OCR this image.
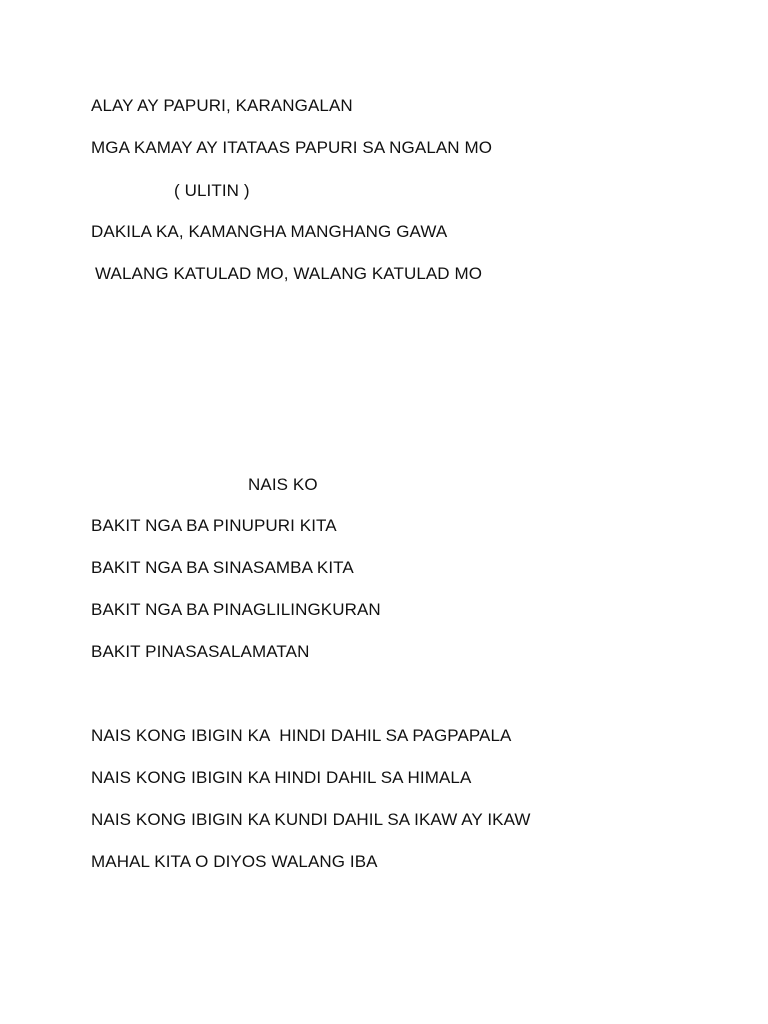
ALAY AY PAPURI, KARANGALAN
MGA KAMAY AY ITATAAS PAPURI SA NGALAN MO
( ULITIN )
DAKILA KA, KAMANGHA MANGHANG GAWA
WALANG KATULAD MO, WALANG KATULAD MO
NAIS KO
BAKIT NGA BA PINUPURI KITA
BAKIT NGA BA SINASAMBA KITA
BAKIT NGA BA PINAGLILINGKURAN
BAKIT PINASASALAMATAN
NAIS KONG IBIGIN KA  HINDI DAHIL SA PAGPAPALA
NAIS KONG IBIGIN KA HINDI DAHIL SA HIMALA
NAIS KONG IBIGIN KA KUNDI DAHIL SA IKAW AY IKAW
MAHAL KITA O DIYOS WALANG IBA
